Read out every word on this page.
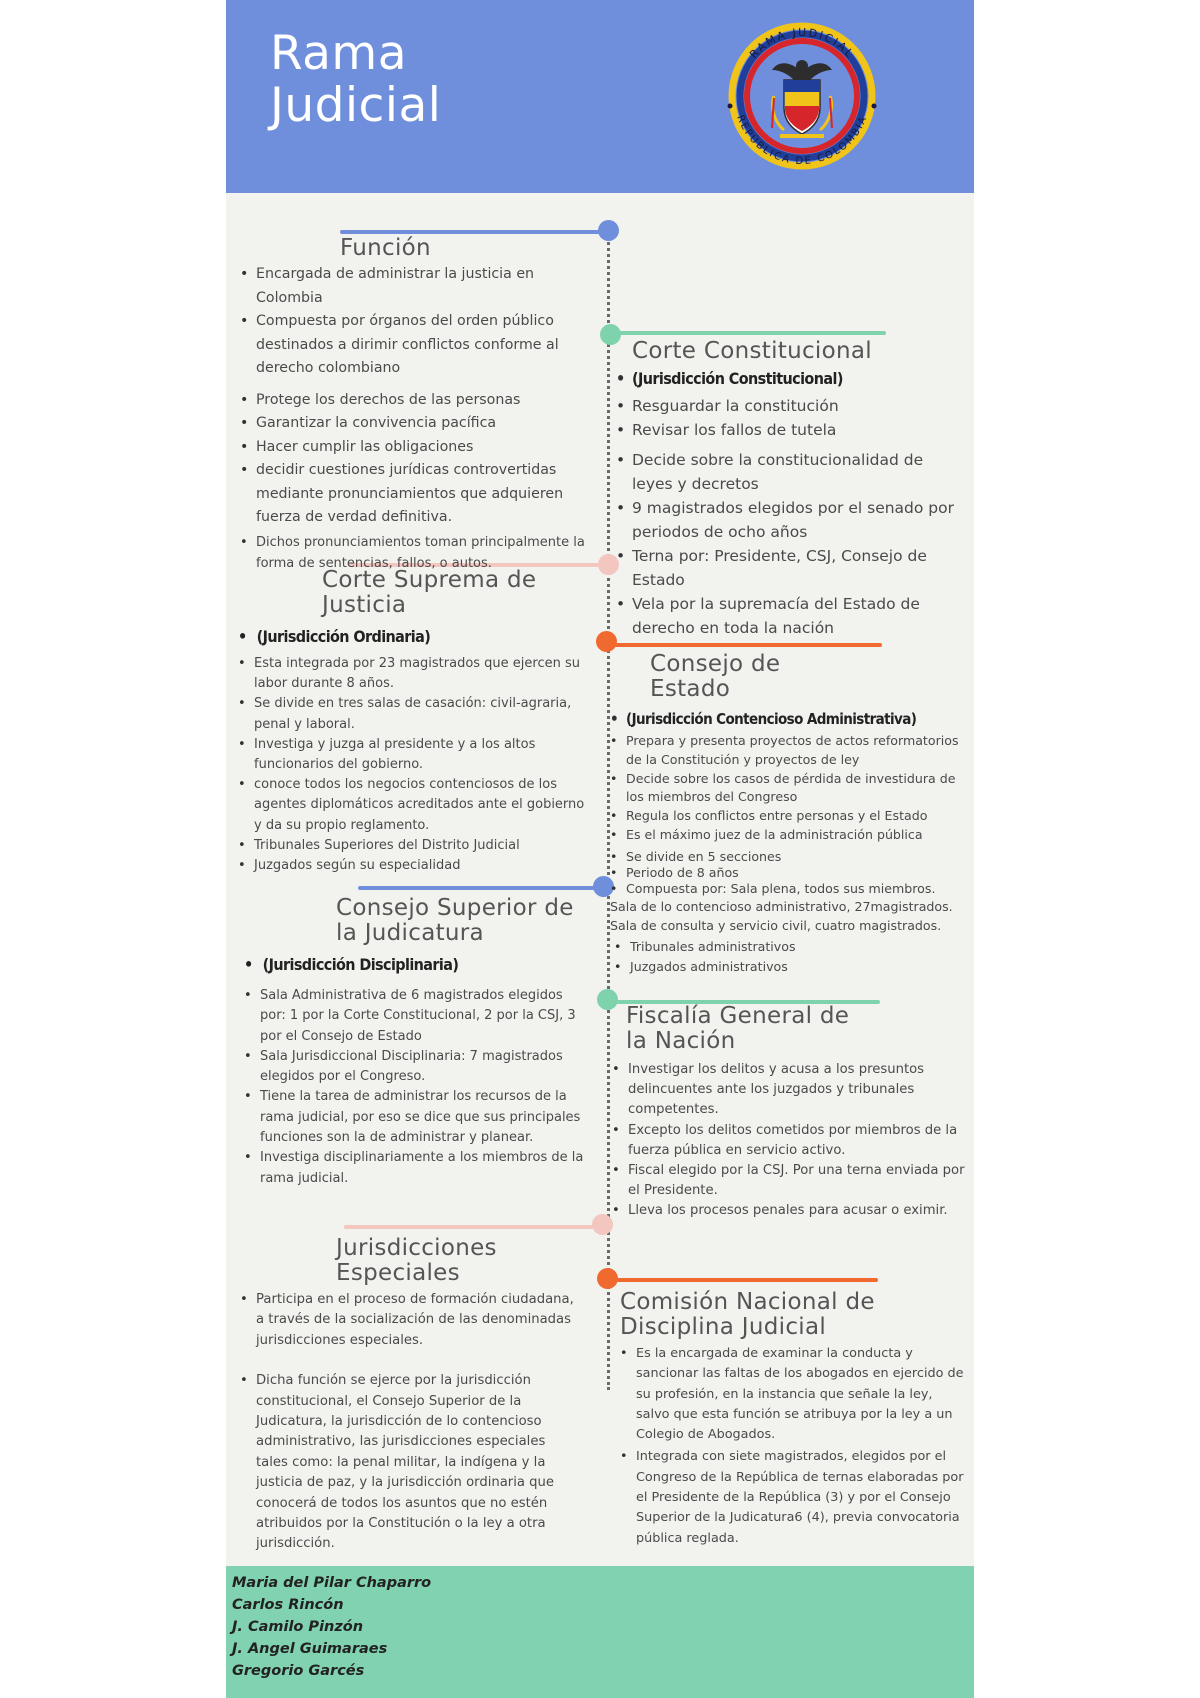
Rama
Judicial
RAMA JUDICIAL
REPÚBLICA DE COLOMBIA
Función
• Encargada de administrar la justicia en Colombia
• Compuesta por órganos del orden público destinados a dirimir conflictos conforme al derecho colombiano
• Protege los derechos de las personas
• Garantizar la convivencia pacífica
• Hacer cumplir las obligaciones
• decidir cuestiones jurídicas controvertidas mediante pronunciamientos que adquieren fuerza de verdad definitiva.
• Dichos pronunciamientos toman principalmente la forma de sentencias, fallos, o autos.
Corte Constitucional
• (Jurisdicción Constitucional)
• Resguardar la constitución
• Revisar los fallos de tutela
• Decide sobre la constitucionalidad de leyes y decretos
• 9 magistrados elegidos por el senado por periodos de ocho años
• Terna por: Presidente, CSJ, Consejo de Estado
• Vela por la supremacía del Estado de derecho en toda la nación
Corte Suprema de Justicia
• (Jurisdicción Ordinaria)
• Esta integrada por 23 magistrados que ejercen su labor durante 8 años.
• Se divide en tres salas de casación: civil-agraria, penal y laboral.
• Investiga y juzga al presidente y a los altos funcionarios del gobierno.
• conoce todos los negocios contenciosos de los agentes diplomáticos acreditados ante el gobierno y da su propio reglamento.
• Tribunales Superiores del Distrito Judicial
• Juzgados según su especialidad
Consejo de Estado
• (Jurisdicción Contencioso Administrativa)
• Prepara y presenta proyectos de actos reformatorios de la Constitución y proyectos de ley
• Decide sobre los casos de pérdida de investidura de los miembros del Congreso
• Regula los conflictos entre personas y el Estado
• Es el máximo juez de la administración pública
• Se divide en 5 secciones
• Periodo de 8 años
• Compuesta por: Sala plena, todos sus miembros.
Sala de lo contencioso administrativo, 27magistrados.
Sala de consulta y servicio civil, cuatro magistrados.
• Tribunales administrativos
• Juzgados administrativos
Consejo Superior de la Judicatura
• (Jurisdicción Disciplinaria)
• Sala Administrativa de 6 magistrados elegidos por: 1 por la Corte Constitucional, 2 por la CSJ, 3 por el Consejo de Estado
• Sala Jurisdiccional Disciplinaria: 7 magistrados elegidos por el Congreso.
• Tiene la tarea de administrar los recursos de la rama judicial, por eso se dice que sus principales funciones son la de administrar y planear.
• Investiga disciplinariamente a los miembros de la rama judicial.
Fiscalía General de la Nación
• Investigar los delitos y acusa a los presuntos delincuentes ante los juzgados y tribunales competentes.
• Excepto los delitos cometidos por miembros de la fuerza pública en servicio activo.
• Fiscal elegido por la CSJ. Por una terna enviada por el Presidente.
• Lleva los procesos penales para acusar o eximir.
Jurisdicciones Especiales
• Participa en el proceso de formación ciudadana, a través de la socialización de las denominadas jurisdicciones especiales.
• Dicha función se ejerce por la jurisdicción constitucional, el Consejo Superior de la Judicatura, la jurisdicción de lo contencioso administrativo, las jurisdicciones especiales tales como: la penal militar, la indígena y la justicia de paz, y la jurisdicción ordinaria que conocerá de todos los asuntos que no estén atribuidos por la Constitución o la ley a otra jurisdicción.
Comisión Nacional de Disciplina Judicial
• Es la encargada de examinar la conducta y sancionar las faltas de los abogados en ejercido de su profesión, en la instancia que señale la ley, salvo que esta función se atribuya por la ley a un Colegio de Abogados.
• Integrada con siete magistrados, elegidos por el Congreso de la República de ternas elaboradas por el Presidente de la República (3) y por el Consejo Superior de la Judicatura6 (4), previa convocatoria pública reglada.
Maria del Pilar Chaparro
Carlos Rincón
J. Camilo Pinzón
J. Angel Guimaraes
Gregorio Garcés
